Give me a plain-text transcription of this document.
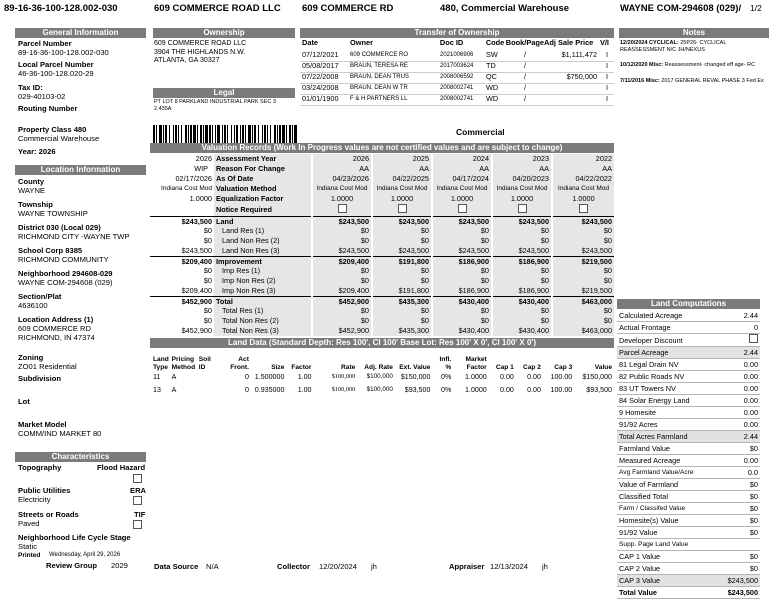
89-16-36-100-128.002-030	609 COMMERCE ROAD LLC 609 COMMERCE RD	480, Commercial Warehouse	WAYNE COM-294608 (029)/ 1/2
General Information
Parcel Number
89-16-36-100-128.002-030
Local Parcel Number
46-36-100-128.020-29
Tax ID:
029-40103-02
Routing Number
Property Class 480
Commercial Warehouse
Year: 2026
Location Information
County
WAYNE
Township
WAYNE TOWNSHIP
District 030 (Local 029)
RICHMOND CITY -WAYNE TWP
School Corp 8385
RICHMOND COMMUNITY
Neighborhood 294608-029
WAYNE COM-294608 (029)
Section/Plat
4636100
Location Address (1)
609 COMMERCE RD
RICHMOND, IN 47374
Zoning
ZO01 Residential
Subdivision
Lot
Market Model
COMM/IND MARKET 80
Characteristics
Topography	Flood Hazard
Public Utilities
Electricity
ERA
Streets or Roads
Paved
TIF
Neighborhood Life Cycle Stage
Static
Printed Wednesday, April 29, 2026
Review Group 2029
Ownership
609 COMMERCE ROAD LLC
3904 THE HIGHLANDS N.W.
ATLANTA, GA 30327
Legal
PT LOT 8 PARKLAND INDUSTRIAL PARK SEC 3 2.435A
Transfer of Ownership
Date	Owner	Doc ID	Code	Book/Page	Adj Sale Price	V/I
07/12/2021	609 COMMERCE RO	2021006906	SW	/	$1,111,472	I
05/08/2017	BRAUN, TERESA RE	2017003624	TD	/		I
07/22/2008	BRAUN, DEAN TRUS	2008006592	QC	/	$750,000	I
03/24/2008	BRAUN, DEAN W TR	2008002741	WD	/		I
01/01/1900	F & H PARTNERS LL	2008002741	WD	/		I
Notes
12/20/2024 CYCLICAL: 25P26- CYCLICAL REASSESSMENT N/C JH/NEXUS
10/12/2020 Misc: Reassessment- changed eff age- RC
7/11/2016 Misc: 2017 GENERAL REVAL PHASE 3 Fed Ex
Commercial
Valuation Records (Work In Progress values are not certified values and are subject to change)
2026	Assessment Year	2026	2025	2024	2023	2022
WIP	Reason For Change	AA	AA	AA	AA	AA
02/17/2026	As Of Date	04/23/2026	04/22/2025	04/17/2024	04/20/2023	04/22/2022
Indiana Cost Mod	Valuation Method	Indiana Cost Mod	Indiana Cost Mod	Indiana Cost Mod	Indiana Cost Mod	Indiana Cost Mod
1.0000	Equalization Factor	1.0000	1.0000	1.0000	1.0000	1.0000
	Notice Required					
$243,500	Land	$243,500	$243,500	$243,500	$243,500	$243,500
$0	Land Res (1)	$0	$0	$0	$0	$0
$0	Land Non Res (2)	$0	$0	$0	$0	$0
$243,500	Land Non Res (3)	$243,500	$243,500	$243,500	$243,500	$243,500
$209,400	Improvement	$209,400	$191,800	$186,900	$186,900	$219,500
$0	Imp Res (1)	$0	$0	$0	$0	$0
$0	Imp Non Res (2)	$0	$0	$0	$0	$0
$209,400	Imp Non Res (3)	$209,400	$191,800	$186,900	$186,900	$219,500
$452,900	Total	$452,900	$435,300	$430,400	$430,400	$463,000
$0	Total Res (1)	$0	$0	$0	$0	$0
$0	Total Non Res (2)	$0	$0	$0	$0	$0
$452,900	Total Non Res (3)	$452,900	$435,300	$430,400	$430,400	$463,000
Land Data (Standard Depth: Res 100', CI 100' Base Lot: Res 100' X 0', CI 100' X 0')
Land Type	Pricing Method	Soil ID	Act Front.	Size	Factor	Rate	Adj. Rate	Ext. Value	Infl. %	Market Factor	Cap 1	Cap 2	Cap 3	Value
11	A		0	1.500000	1.00	$100,000	$100,000	$150,000	0%	1.0000	0.00	0.00	100.00	$150,000
13	A		0	0.935000	1.00	$100,000	$100,000	$93,500	0%	1.0000	0.00	0.00	100.00	$93,500
Land Computations
Calculated Acreage	2.44
Actual Frontage	0
Developer Discount	
Parcel Acreage	2.44
81 Legal Drain NV	0.00
82 Public Roads NV	0.00
83 UT Towers NV	0.00
84 Solar Energy Land	0.00
9 Homesite	0.00
91/92 Acres	0.00
Total Acres Farmland	2.44
Farmland Value	$0
Measured Acreage	0.00
Avg Farmland Value/Acre	0.0
Value of Farmland	$0
Classified Total	$0
Farm / Classifed Value	$0
Homesite(s) Value	$0
91/92 Value	$0
Supp. Page Land Value	
CAP 1 Value	$0
CAP 2 Value	$0
CAP 3 Value	$243,500
Total Value	$243,500
Data Source N/A	Collector 12/20/2024 jh	Appraiser 12/13/2024 jh
